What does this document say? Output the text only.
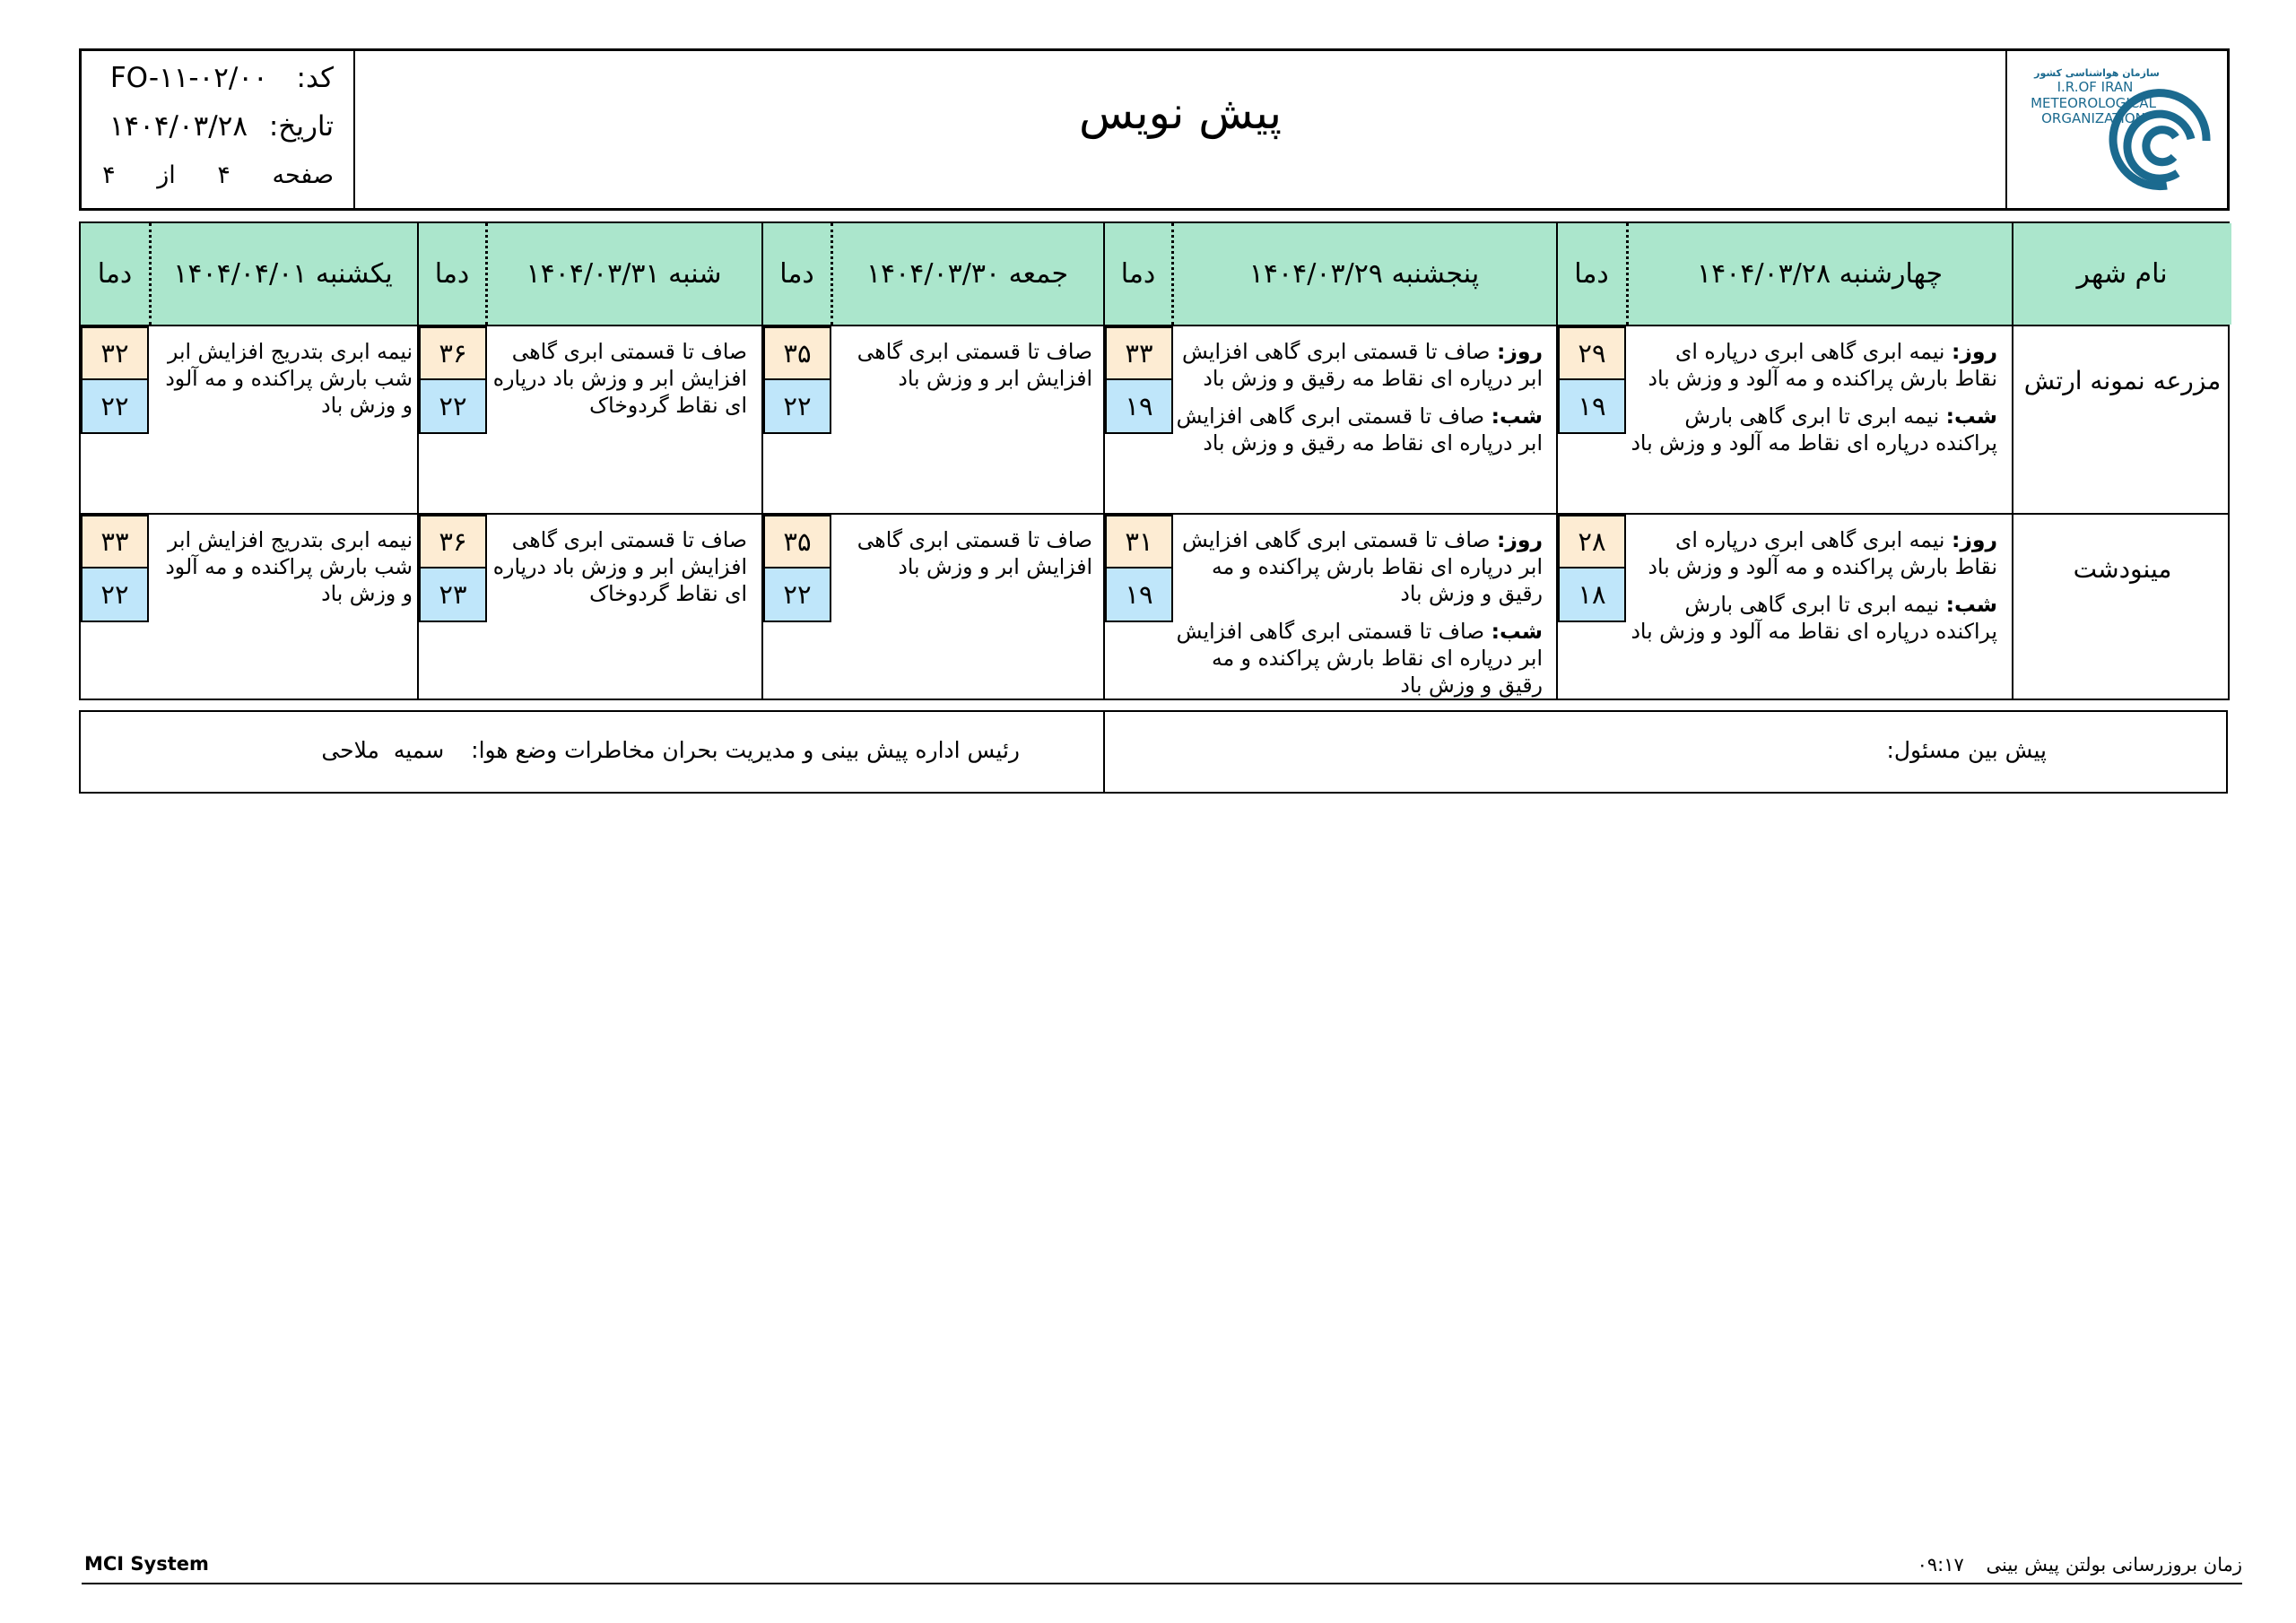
سازمان هواشناسی کشور
I.R.OF IRAN
METEOROLOGICAL
ORGANIZATION
پیش نویس
کد: FO-۱۱-۰۲/۰۰
تاریخ: ۱۴۰۴/۰۳/۲۸
صفحه ۴ از ۴
نام شهر
چهارشنبه ۱۴۰۴/۰۳/۲۸
دما
پنجشنبه ۱۴۰۴/۰۳/۲۹
دما
جمعه ۱۴۰۴/۰۳/۳۰
دما
شنبه ۱۴۰۴/۰۳/۳۱
دما
یکشنبه ۱۴۰۴/۰۴/۰۱
دما
مزرعه نمونه ارتش
روز: نیمه ابری گاهی ابری درپاره ای نقاط بارش پراکنده و مه آلود و وزش باد
شب: نیمه ابری تا ابری گاهی بارش پراکنده درپاره ای نقاط مه آلود و وزش باد
۲۹
۱۹
روز: صاف تا قسمتی ابری گاهی افزایش ابر درپاره ای نقاط مه رقیق و وزش باد
شب: صاف تا قسمتی ابری گاهی افزایش ابر درپاره ای نقاط مه رقیق و وزش باد
۳۳
۱۹
صاف تا قسمتی ابری گاهی افزایش ابر و وزش باد
۳۵
۲۲
صاف تا قسمتی ابری گاهی افزایش ابر و وزش باد درپاره ای نقاط گردوخاک
۳۶
۲۲
نیمه ابری بتدریج افزایش ابر شب بارش پراکنده و مه آلود و وزش باد
۳۲
۲۲
مینودشت
روز: نیمه ابری گاهی ابری درپاره ای نقاط بارش پراکنده و مه آلود و وزش باد
شب: نیمه ابری تا ابری گاهی بارش پراکنده درپاره ای نقاط مه آلود و وزش باد
۲۸
۱۸
روز: صاف تا قسمتی ابری گاهی افزایش ابر درپاره ای نقاط بارش پراکنده و مه رقیق و وزش باد
شب: صاف تا قسمتی ابری گاهی افزایش ابر درپاره ای نقاط بارش پراکنده و مه رقیق و وزش باد
۳۱
۱۹
صاف تا قسمتی ابری گاهی افزایش ابر و وزش باد
۳۵
۲۲
صاف تا قسمتی ابری گاهی افزایش ابر و وزش باد درپاره ای نقاط گردوخاک
۳۶
۲۳
نیمه ابری بتدریج افزایش ابر شب بارش پراکنده و مه آلود و وزش باد
۳۳
۲۲
پیش بین مسئول:
رئیس اداره پیش بینی و مدیریت بحران مخاطرات وضع هوا: سمیه  ملاحی
MCI System	زمان بروزرسانی بولتن پیش بینی ۰۹:۱۷
